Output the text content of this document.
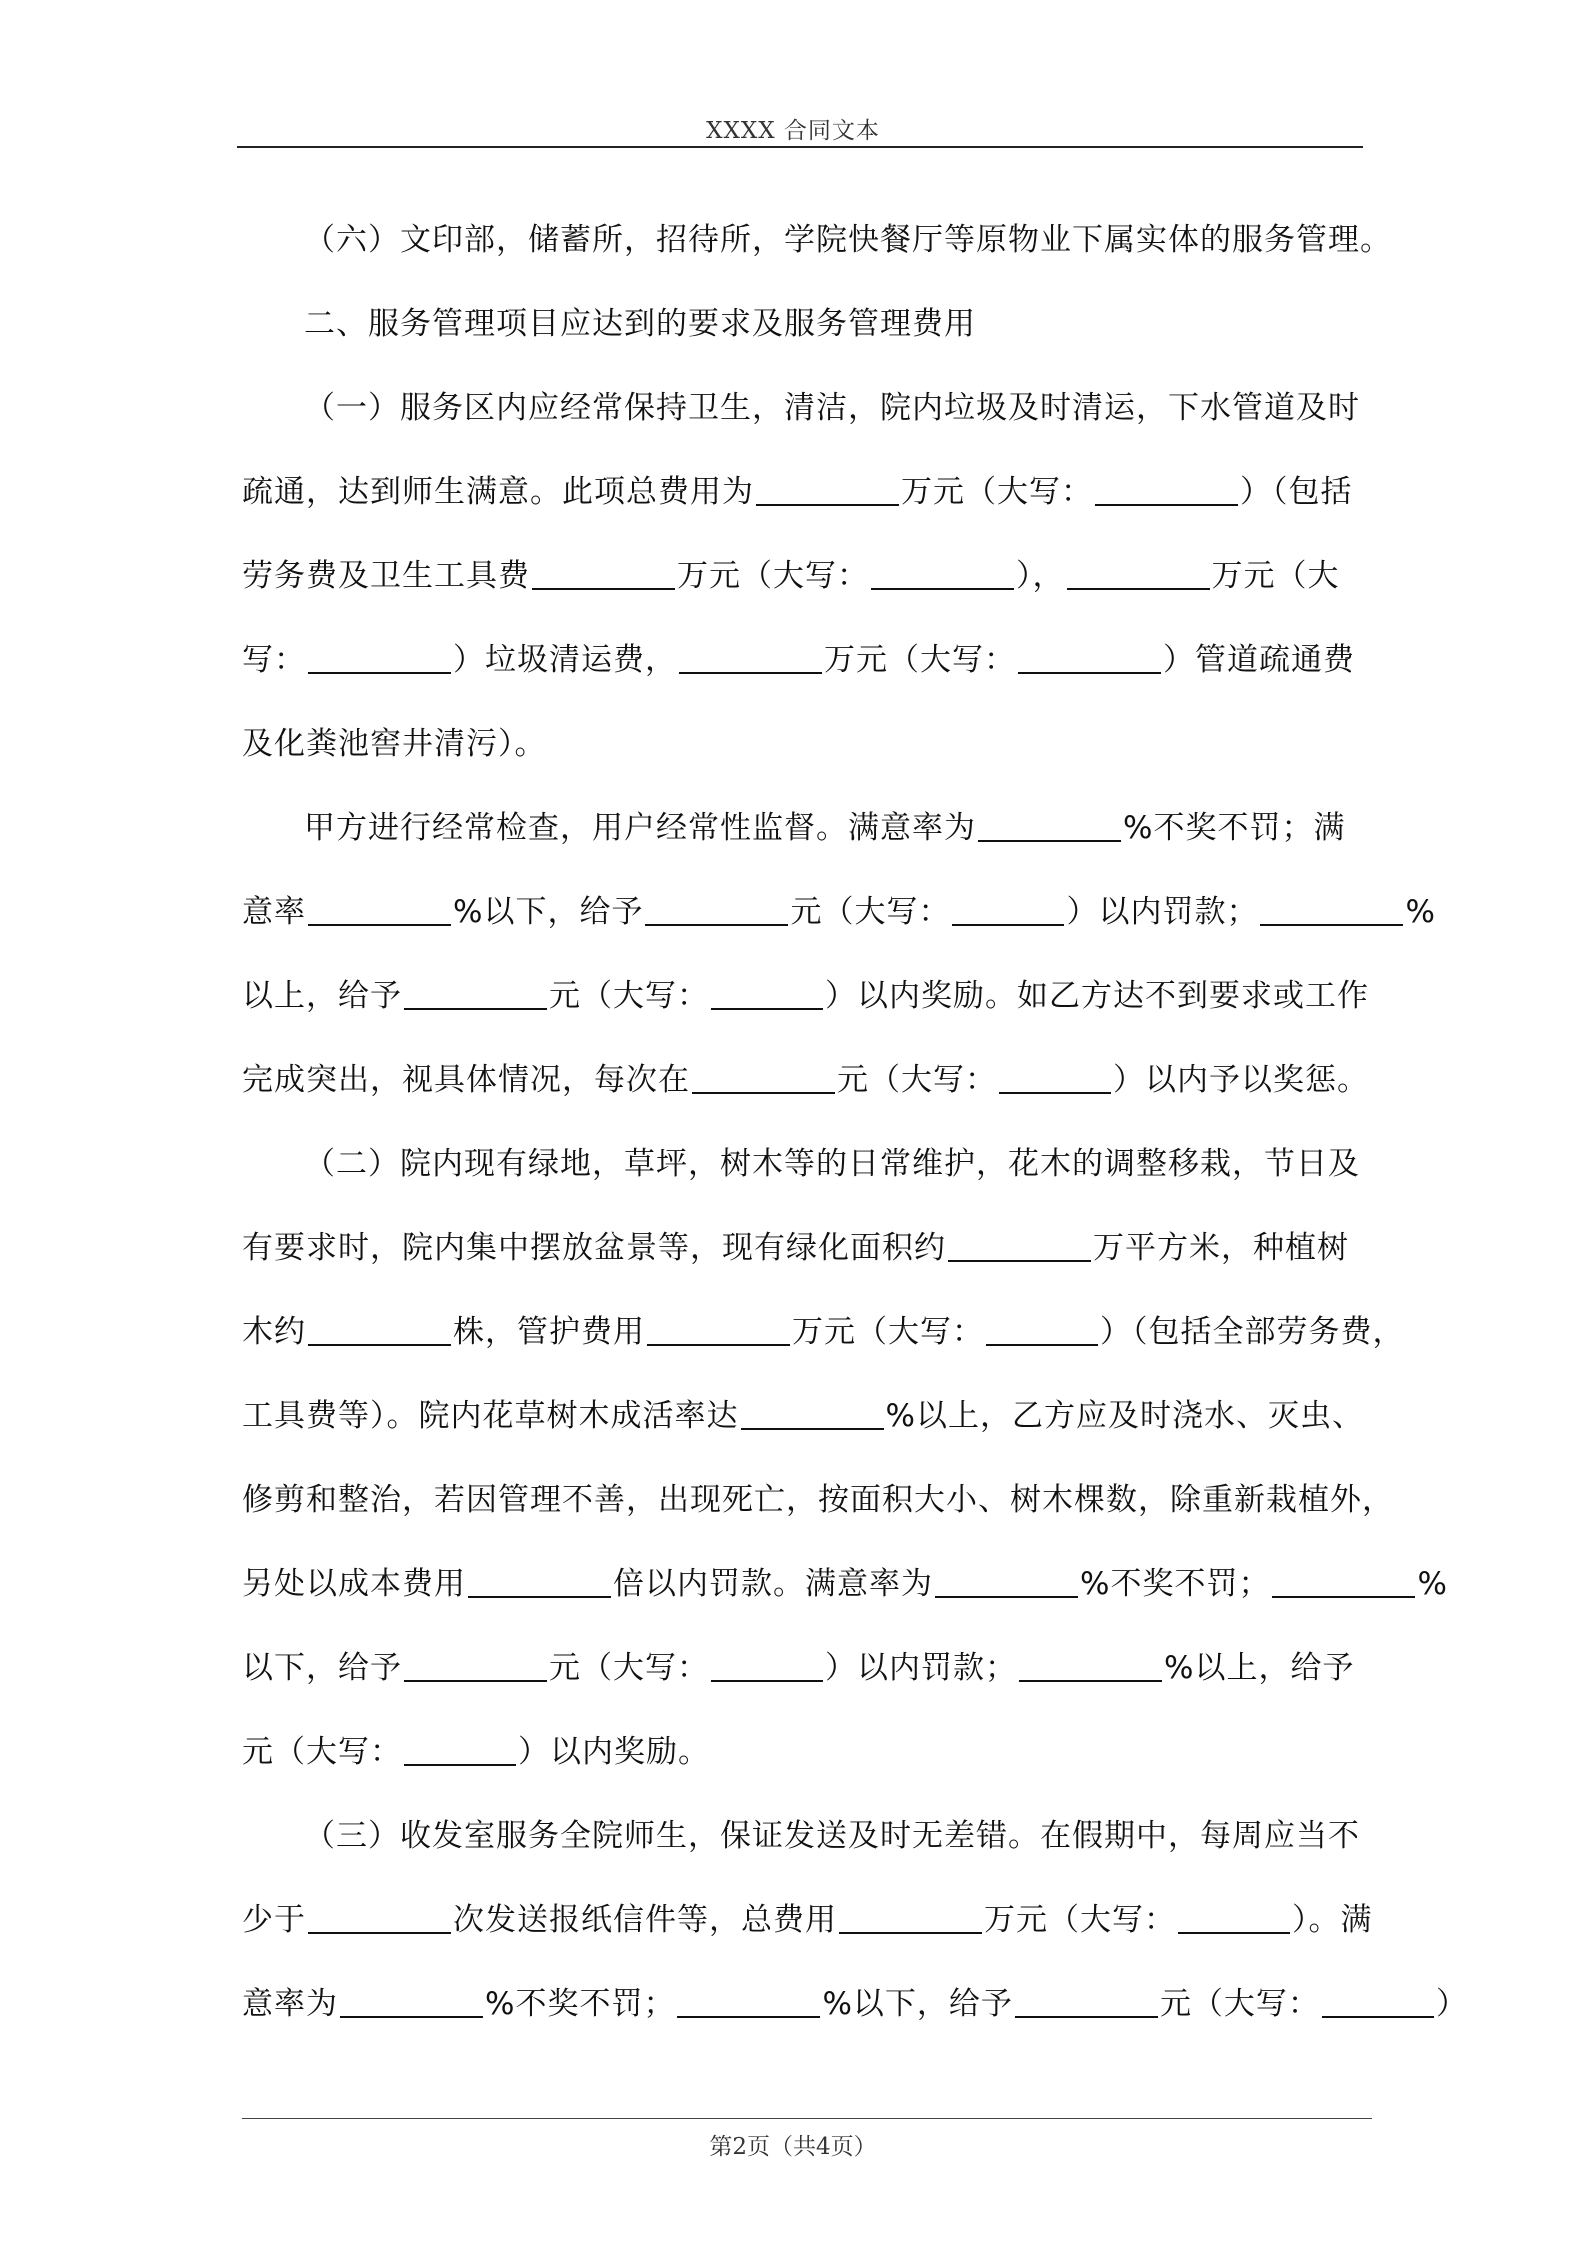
XXXX 合同文本
（六）文印部，储蓄所，招待所，学院快餐厅等原物业下属实体的服务管理。
二、服务管理项目应达到的要求及服务管理费用
（一）服务区内应经常保持卫生，清洁，院内垃圾及时清运，下水管道及时
疏通，达到师生满意。此项总费用为	万元（大写：	）（包括
劳务费及卫生工具费	万元（大写：	），	万元（大
写：	）垃圾清运费，	万元（大写：	）管道疏通费
及化粪池窖井清污）。
甲方进行经常检查，用户经常性监督。满意率为	%不奖不罚；满
意率	%以下，给予	元（大写：	）以内罚款；	%
以上，给予	元（大写：	）以内奖励。如乙方达不到要求或工作
完成突出，视具体情况，每次在	元（大写：	）以内予以奖惩。
（二）院内现有绿地，草坪，树木等的日常维护，花木的调整移栽，节日及
有要求时，院内集中摆放盆景等，现有绿化面积约	万平方米，种植树
木约	株，管护费用	万元（大写：	）（包括全部劳务费，
工具费等）。院内花草树木成活率达	%以上，乙方应及时浇水、灭虫、
修剪和整治，若因管理不善，出现死亡，按面积大小、树木棵数，除重新栽植外，
另处以成本费用	倍以内罚款。满意率为	%不奖不罚；	%
以下，给予	元（大写：	）以内罚款；	%以上，给予
元（大写：	）以内奖励。
（三）收发室服务全院师生，保证发送及时无差错。在假期中，每周应当不
少于	次发送报纸信件等，总费用	万元（大写：	）。满
意率为	%不奖不罚；	%以下，给予	元（大写：	）
第2页（共4页）
